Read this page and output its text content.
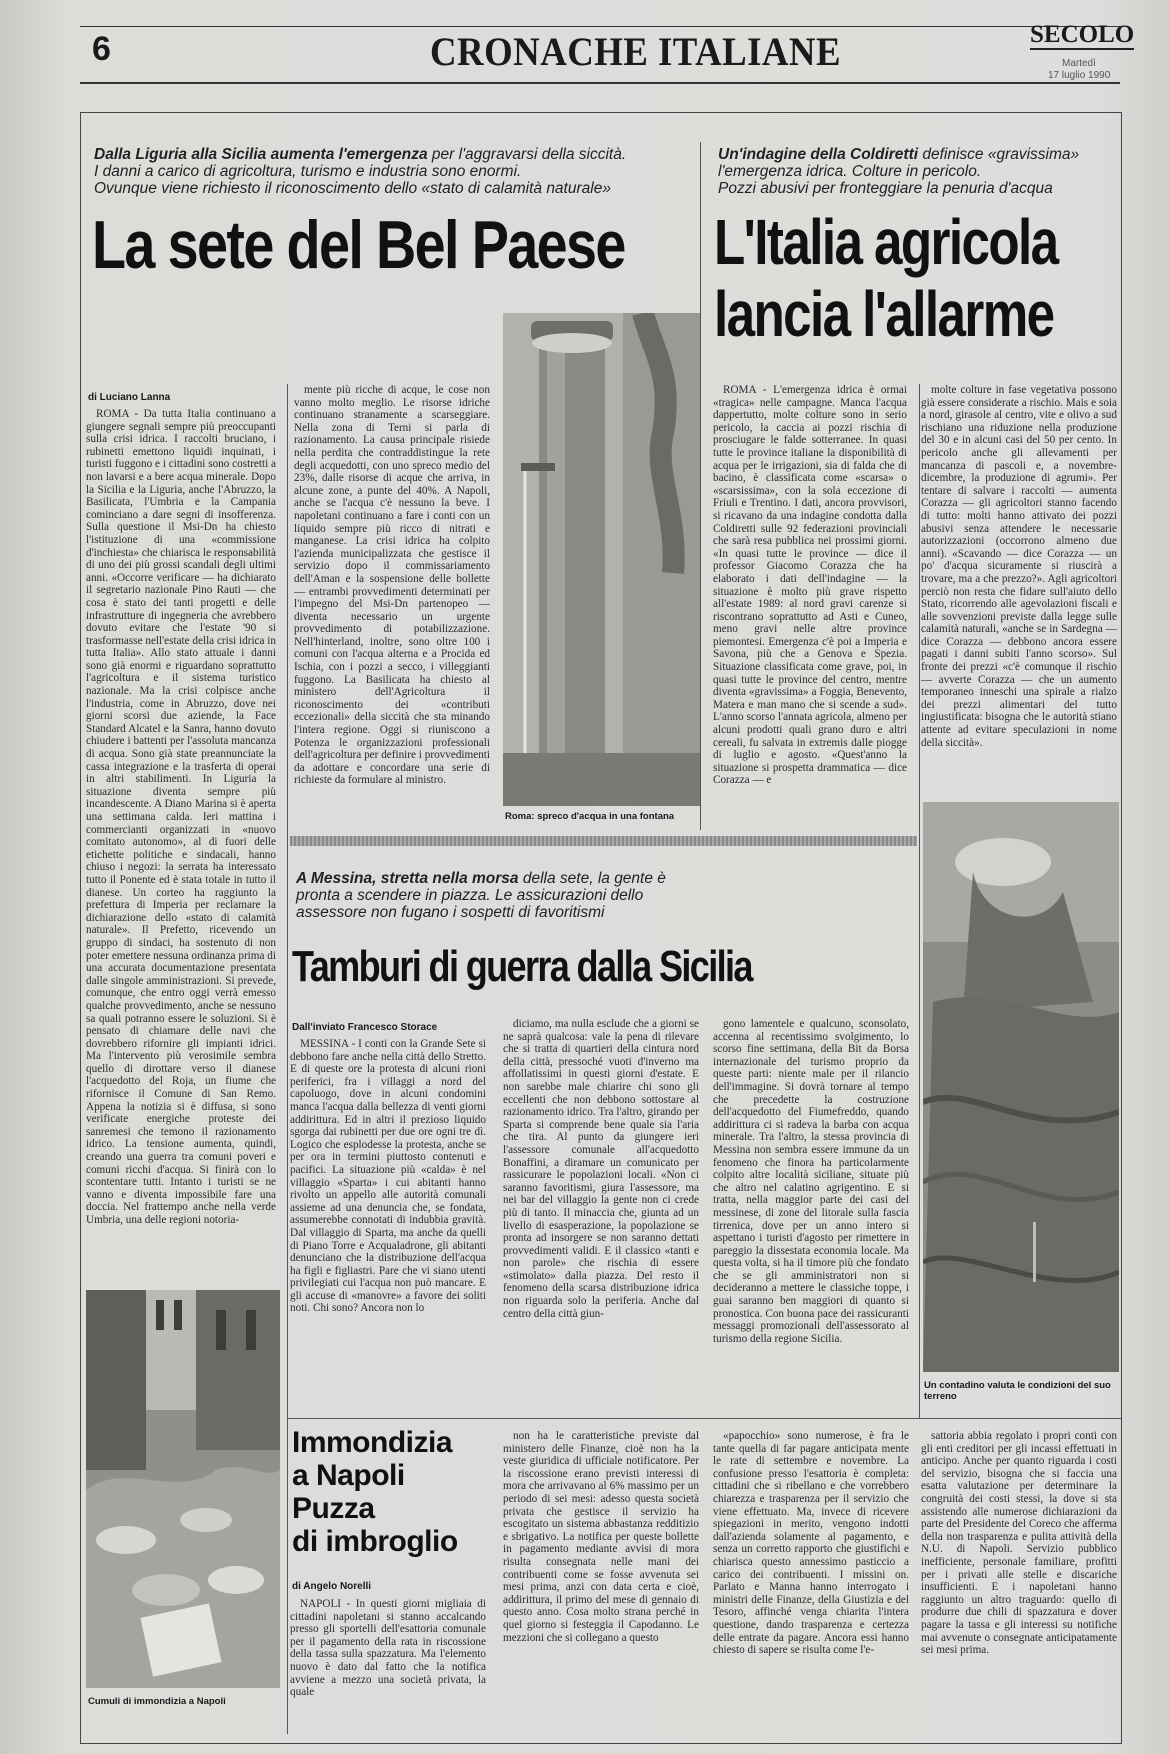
6	CRONACHE ITALIANE	SECOLO
Martedì
17 luglio 1990
Dalla Liguria alla Sicilia aumenta l'emergenza per l'aggravarsi della siccità.
I danni a carico di agricoltura, turismo e industria sono enormi.
Ovunque viene richiesto il riconoscimento dello «stato di calamità naturale»
La sete del Bel Paese
di Luciano Lanna

ROMA - Da tutta Italia continuano a giungere segnali sempre più preoccupanti sulla crisi idrica. I raccolti bruciano, i rubinetti emettono liquidi inquinati, i turisti fuggono e i cittadini sono costretti a non lavarsi e a bere acqua minerale. Dopo la Sicilia e la Liguria, anche l'Abruzzo, la Basilicata, l'Umbria e la Campania cominciano a dare segni di insofferenza. Sulla questione il Msi-Dn ha chiesto l'istituzione di una «commissione d'inchiesta» che chiarisca le responsabilità di uno dei più grossi scandali degli ultimi anni. «Occorre verificare — ha dichiarato il segretario nazionale Pino Rauti — che cosa è stato dei tanti progetti e delle infrastrutture di ingegneria che avrebbero dovuto evitare che l'estate '90 si trasformasse nell'estate della crisi idrica in tutta Italia». Allo stato attuale i danni sono già enormi e riguardano soprattutto l'agricoltura e il sistema turistico nazionale. Ma la crisi colpisce anche l'industria, come in Abruzzo, dove nei giorni scorsi due aziende, la Face Standard Alcatel e la Sanra, hanno dovuto chiudere i battenti per l'assoluta mancanza di acqua. Sono già state preannunciate la cassa integrazione e la trasferta di operai in altri stabilimenti. In Liguria la situazione diventa sempre più incandescente. A Diano Marina si è aperta una settimana calda. Ieri mattina i commercianti organizzati in «nuovo comitato autonomo», al di fuori delle etichette politiche e sindacali, hanno chiuso i negozi: la serrata ha interessato tutto il Ponente ed è stata totale in tutto il dianese. Un corteo ha raggiunto la prefettura di Imperia per reclamare la dichiarazione dello «stato di calamità naturale». Il Prefetto, ricevendo un gruppo di sindaci, ha sostenuto di non poter emettere nessuna ordinanza prima di una accurata documentazione presentata dalle singole amministrazioni. Si prevede, comunque, che entro oggi verrà emesso qualche provvedimento, anche se nessuno sa quali potranno essere le soluzioni. Si è pensato di chiamare delle navi che dovrebbero rifornire gli impianti idrici. Ma l'intervento più verosimile sembra quello di dirottare verso il dianese l'acquedotto del Roja, un fiume che rifornisce il Comune di San Remo. Appena la notizia si è diffusa, si sono verificate energiche proteste dei sanremesi che temono il razionamento idrico. La tensione aumenta, quindi, creando una guerra tra comuni poveri e comuni ricchi d'acqua. Si finirà con lo scontentare tutti. Intanto i turisti se ne vanno e diventa impossibile fare una doccia. Nel frattempo anche nella verde Umbria, una delle regioni notoria-

mente più ricche di acque, le cose non vanno molto meglio. Le risorse idriche continuano stranamente a scarseggiare. Nella zona di Terni si parla di razionamento. La causa principale risiede nella perdita che contraddistingue la rete degli acquedotti, con uno spreco medio del 23%, dalle risorse di acque che arriva, in alcune zone, a punte del 40%. A Napoli, anche se l'acqua c'è nessuno la beve. I napoletani continuano a fare i conti con un liquido sempre più ricco di nitrati e manganese. La crisi idrica ha colpito l'azienda municipalizzata che gestisce il servizio dopo il commissariamento dell'Aman e la sospensione delle bollette — entrambi provvedimenti determinati per l'impegno del Msi-Dn partenopeo — diventa necessario un urgente provvedimento di potabilizzazione. Nell'hinterland, inoltre, sono oltre 100 i comuni con l'acqua alterna e a Procida ed Ischia, con i pozzi a secco, i villeggianti fuggono. La Basilicata ha chiesto al ministero dell'Agricoltura il riconoscimento dei «contributi eccezionali» della siccità che sta minando l'intera regione. Oggi si riuniscono a Potenza le organizzazioni professionali dell'agricoltura per definire i provvedimenti da adottare e concordare una serie di richieste da formulare al ministro.

Roma: spreco d'acqua in una fontana
Un'indagine della Coldiretti definisce «gravissima»
l'emergenza idrica. Colture in pericolo.
Pozzi abusivi per fronteggiare la penuria d'acqua
L'Italia agricola
lancia l'allarme

ROMA - L'emergenza idrica è ormai «tragica» nelle campagne. Manca l'acqua dappertutto, molte colture sono in serio pericolo, la caccia ai pozzi rischia di prosciugare le falde sotterranee. In quasi tutte le province italiane la disponibilità di acqua per le irrigazioni, sia di falda che di bacino, è classificata come «scarsa» o «scarsissima», con la sola eccezione di Friuli e Trentino. I dati, ancora provvisori, si ricavano da una indagine condotta dalla Coldiretti sulle 92 federazioni provinciali che sarà resa pubblica nei prossimi giorni. «In quasi tutte le province — dice il professor Giacomo Corazza che ha elaborato i dati dell'indagine — la situazione è molto più grave rispetto all'estate 1989: al nord gravi carenze si riscontrano soprattutto ad Asti e Cuneo, meno gravi nelle altre province piemontesi. Emergenza c'è poi a Imperia e Savona, più che a Genova e Spezia. Situazione classificata come grave, poi, in quasi tutte le province del centro, mentre diventa «gravissima» a Foggia, Benevento, Matera e man mano che si scende a sud». L'anno scorso l'annata agricola, almeno per alcuni prodotti quali grano duro e altri cereali, fu salvata in extremis dalle piogge di luglio e agosto. «Quest'anno la situazione si prospetta drammatica — dice Corazza — e

molte colture in fase vegetativa possono già essere considerate a rischio. Mais e soia a nord, girasole al centro, vite e olivo a sud rischiano una riduzione nella produzione del 30 e in alcuni casi del 50 per cento. In pericolo anche gli allevamenti per mancanza di pascoli e, a novembre-dicembre, la produzione di agrumi». Per tentare di salvare i raccolti — aumenta Corazza — gli agricoltori stanno facendo di tutto: molti hanno attivato dei pozzi abusivi senza attendere le necessarie autorizzazioni (occorrono almeno due anni). «Scavando — dice Corazza — un po' d'acqua sicuramente si riuscirà a trovare, ma a che prezzo?». Agli agricoltori perciò non resta che fidare sull'aiuto dello Stato, ricorrendo alle agevolazioni fiscali e alle sovvenzioni previste dalla legge sulle calamità naturali, «anche se in Sardegna — dice Corazza — debbono ancora essere pagati i danni subiti l'anno scorso». Sul fronte dei prezzi «c'è comunque il rischio — avverte Corazza — che un aumento temporaneo inneschi una spirale a rialzo dei prezzi alimentari del tutto ingiustificata: bisogna che le autorità stiano attente ad evitare speculazioni in nome della siccità».

Un contadino valuta le condizioni del suo terreno
A Messina, stretta nella morsa della sete, la gente è
pronta a scendere in piazza. Le assicurazioni dello
assessore non fugano i sospetti di favoritismi
Tamburi di guerra dalla Sicilia
Dall'inviato Francesco Storace

MESSINA - I conti con la Grande Sete si debbono fare anche nella città dello Stretto. E di queste ore la protesta di alcuni rioni periferici, fra i villaggi a nord del capoluogo, dove in alcuni condomini manca l'acqua dalla bellezza di venti giorni addirittura. Ed in altri il prezioso liquido sgorga dai rubinetti per due ore ogni tre dì. Logico che esplodesse la protesta, anche se per ora in termini piuttosto contenuti e pacifici. La situazione più «calda» è nel villaggio «Sparta» i cui abitanti hanno rivolto un appello alle autorità comunali assieme ad una denuncia che, se fondata, assumerebbe connotati di indubbia gravità. Dal villaggio di Sparta, ma anche da quelli di Piano Torre e Acqualadrone, gli abitanti denunciano che la distribuzione dell'acqua ha figli e figliastri. Pare che vi siano utenti privilegiati cui l'acqua non può mancare. E gli accuse di «manovre» a favore dei soliti noti. Chi sono? Ancora non lo

diciamo, ma nulla esclude che a giorni se ne saprà qualcosa: vale la pena di rilevare che si tratta di quartieri della cintura nord della città, pressoché vuoti d'inverno ma affollatissimi in questi giorni d'estate. E non sarebbe male chiarire chi sono gli eccellenti che non debbono sottostare al razionamento idrico. Tra l'altro, girando per Sparta si comprende bene quale sia l'aria che tira. Al punto da giungere ieri l'assessore comunale all'acquedotto Bonaffini, a diramare un comunicato per rassicurare le popolazioni locali. «Non ci saranno favoritismi, giura l'assessore, ma nei bar del villaggio la gente non ci crede più di tanto. Il minaccia che, giunta ad un livello di esasperazione, la popolazione se pronta ad insorgere se non saranno dettati provvedimenti validi. E il classico «tanti e non parole» che rischia di essere «stimolato» dalla piazza. Del resto il fenomeno della scarsa distribuzione idrica non riguarda solo la periferia. Anche dal centro della città giun-

gono lamentele e qualcuno, sconsolato, accenna al recentissimo svolgimento, lo scorso fine settimana, della Bit da Borsa internazionale del turismo proprio da queste parti: niente male per il rilancio dell'immagine. Si dovrà tornare al tempo che precedette la costruzione dell'acquedotto del Fiumefreddo, quando addirittura ci si radeva la barba con acqua minerale. Tra l'altro, la stessa provincia di Messina non sembra essere immune da un fenomeno che finora ha particolarmente colpito altre località siciliane, situate più che altro nel calatino agrigentino. E si tratta, nella maggior parte dei casi del messinese, di zone del litorale sulla fascia tirrenica, dove per un anno intero si aspettano i turisti d'agosto per rimettere in pareggio la dissestata economia locale. Ma questa volta, si ha il timore più che fondato che se gli amministratori non si decideranno a mettere le classiche toppe, i guai saranno ben maggiori di quanto si pronostica. Con buona pace dei rassicuranti messaggi promozionali dell'assessorato al turismo della regione Sicilia.

Cumuli di immondizia a Napoli
Immondizia
a Napoli
Puzza
di imbroglio
di Angelo Norelli

NAPOLI - In questi giorni migliaia di cittadini napoletani si stanno accalcando presso gli sportelli dell'esattoria comunale per il pagamento della rata in riscossione della tassa sulla spazzatura. Ma l'elemento nuovo è dato dal fatto che la notifica avviene a mezzo una società privata, la quale

non ha le caratteristiche previste dal ministero delle Finanze, cioè non ha la veste giuridica di ufficiale notificatore. Per la riscossione erano previsti interessi di mora che arrivavano al 6% massimo per un periodo di sei mesi: adesso questa società privata che gestisce il servizio ha escogitato un sistema abbastanza redditizio e sbrigativo. La notifica per queste bollette in pagamento mediante avvisi di mora risulta consegnata nelle mani dei contribuenti come se fosse avvenuta sei mesi prima, anzi con data certa e cioè, addirittura, il primo del mese di gennaio di questo anno. Cosa molto strana perché in quel giorno si festeggia il Capodanno. Le mezzioni che si collegano a questo

«papocchio» sono numerose, è fra le tante quella di far pagare anticipata mente le rate di settembre e novembre. La confusione presso l'esattoria è completa: cittadini che si ribellano e che vorrebbero chiarezza e trasparenza per il servizio che viene effettuato. Ma, invece di ricevere spiegazioni in merito, vengono indotti dall'azienda solamente al pagamento, e senza un corretto rapporto che giustifichi e chiarisca questo annessimo pasticcio a carico dei contribuenti. I missini on. Parlato e Manna hanno interrogato i ministri delle Finanze, della Giustizia e del Tesoro, affinché venga chiarita l'intera questione, dando trasparenza e certezza delle entrate da pagare. Ancora essi hanno chiesto di sapere se risulta come l'e-

sattoria abbia regolato i propri conti con gli enti creditori per gli incassi effettuati in anticipo. Anche per quanto riguarda i costi del servizio, bisogna che si faccia una esatta valutazione per determinare la congruità dei costi stessi, la dove si sta assistendo alle numerose dichiarazioni da parte del Presidente del Coreco che afferma della non trasparenza e pulita attività della N.U. di Napoli. Servizio pubblico inefficiente, personale familiare, profitti per i privati alle stelle e discariche insufficienti. E i napoletani hanno raggiunto un altro traguardo: quello di produrre due chili di spazzatura e dover pagare la tassa e gli interessi su notifiche mai avvenute o consegnate anticipatamente sei mesi prima.
